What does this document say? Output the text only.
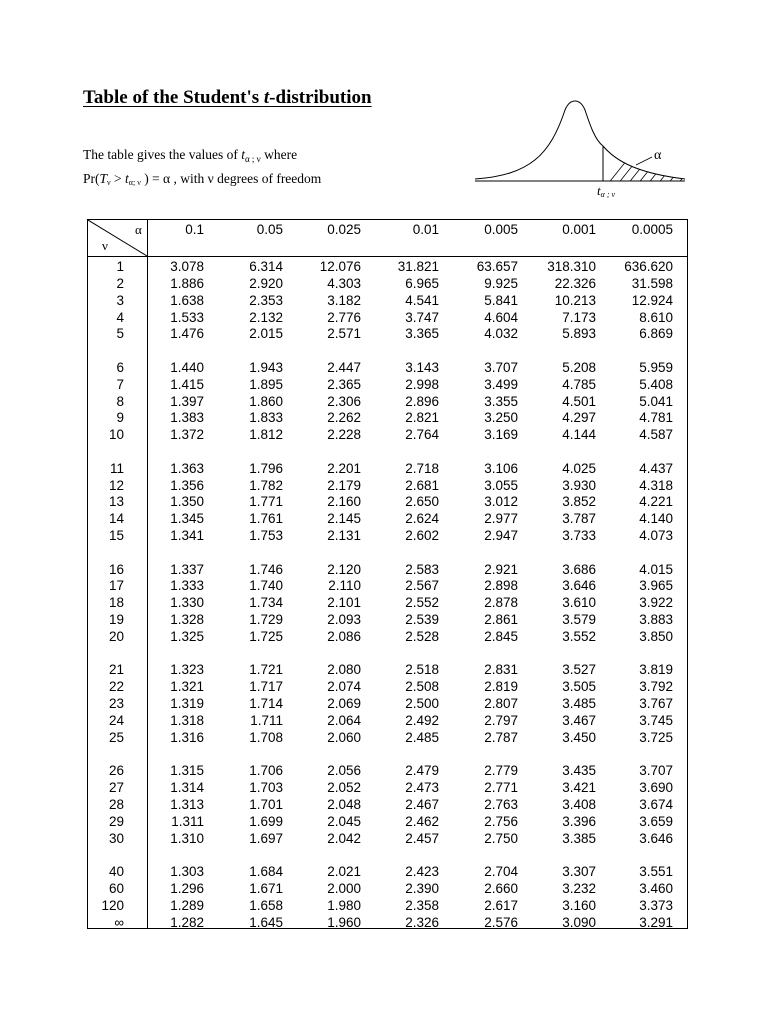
Table of the Student's t-distribution
The table gives the values of $t_{\alpha ; \nu}$ where
Pr(Tν > tα; ν ) = α , with ν degrees of freedom
α
tα ; ν
α
ν
0.1	0.05	0.025	0.01	0.005	0.001	0.0005
1	3.078	6.314	12.076	31.821	63.657	318.310	636.620
2	1.886	2.920	4.303	6.965	9.925	22.326	31.598
3	1.638	2.353	3.182	4.541	5.841	10.213	12.924
4	1.533	2.132	2.776	3.747	4.604	7.173	8.610
5	1.476	2.015	2.571	3.365	4.032	5.893	6.869
6	1.440	1.943	2.447	3.143	3.707	5.208	5.959
7	1.415	1.895	2.365	2.998	3.499	4.785	5.408
8	1.397	1.860	2.306	2.896	3.355	4.501	5.041
9	1.383	1.833	2.262	2.821	3.250	4.297	4.781
10	1.372	1.812	2.228	2.764	3.169	4.144	4.587
11	1.363	1.796	2.201	2.718	3.106	4.025	4.437
12	1.356	1.782	2.179	2.681	3.055	3.930	4.318
13	1.350	1.771	2.160	2.650	3.012	3.852	4.221
14	1.345	1.761	2.145	2.624	2.977	3.787	4.140
15	1.341	1.753	2.131	2.602	2.947	3.733	4.073
16	1.337	1.746	2.120	2.583	2.921	3.686	4.015
17	1.333	1.740	2.110	2.567	2.898	3.646	3.965
18	1.330	1.734	2.101	2.552	2.878	3.610	3.922
19	1.328	1.729	2.093	2.539	2.861	3.579	3.883
20	1.325	1.725	2.086	2.528	2.845	3.552	3.850
21	1.323	1.721	2.080	2.518	2.831	3.527	3.819
22	1.321	1.717	2.074	2.508	2.819	3.505	3.792
23	1.319	1.714	2.069	2.500	2.807	3.485	3.767
24	1.318	1.711	2.064	2.492	2.797	3.467	3.745
25	1.316	1.708	2.060	2.485	2.787	3.450	3.725
26	1.315	1.706	2.056	2.479	2.779	3.435	3.707
27	1.314	1.703	2.052	2.473	2.771	3.421	3.690
28	1.313	1.701	2.048	2.467	2.763	3.408	3.674
29	1.311	1.699	2.045	2.462	2.756	3.396	3.659
30	1.310	1.697	2.042	2.457	2.750	3.385	3.646
40	1.303	1.684	2.021	2.423	2.704	3.307	3.551
60	1.296	1.671	2.000	2.390	2.660	3.232	3.460
120	1.289	1.658	1.980	2.358	2.617	3.160	3.373
∞	1.282	1.645	1.960	2.326	2.576	3.090	3.291
